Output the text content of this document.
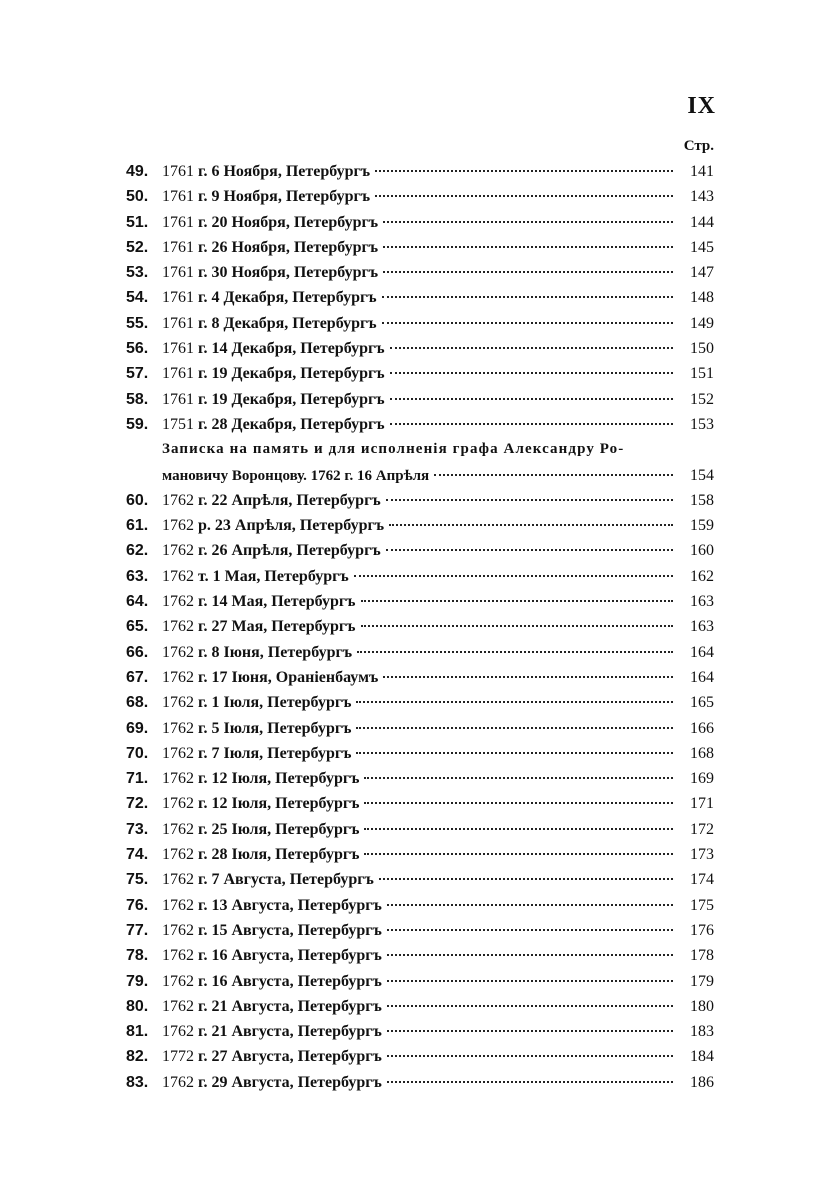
IX
Стр.
49. 1761 г. 6 Ноября, Петербургъ	141
50. 1761 г. 9 Ноября, Петербургъ	143
51. 1761 г. 20 Ноября, Петербургъ	144
52. 1761 г. 26 Ноября, Петербургъ	145
53. 1761 г. 30 Ноября, Петербургъ	147
54. 1761 г. 4 Декабря, Петербургъ	148
55. 1761 г. 8 Декабря, Петербургъ	149
56. 1761 г. 14 Декабря, Петербургъ	150
57. 1761 г. 19 Декабря, Петербургъ	151
58. 1761 г. 19 Декабря, Петербургъ	152
59. 1751 г. 28 Декабря, Петербургъ	153
Записка на память и для исполненія графа Александру Ро-
мановичу Воронцову. 1762 г. 16 Апрѣля	154
60. 1762 г. 22 Апрѣля, Петербургъ	158
61. 1762 р. 23 Апрѣля, Петербургъ	159
62. 1762 г. 26 Апрѣля, Петербургъ	160
63. 1762 т. 1 Мая, Петербургъ	162
64. 1762 г. 14 Мая, Петербургъ	163
65. 1762 г. 27 Мая, Петербургъ	163
66. 1762 г. 8 Іюня, Петербургъ	164
67. 1762 г. 17 Іюня, Ораніенбаумъ	164
68. 1762 г. 1 Іюля, Петербургъ	165
69. 1762 г. 5 Іюля, Петербургъ	166
70. 1762 г. 7 Іюля, Петербургъ	168
71. 1762 г. 12 Іюля, Петербургъ	169
72. 1762 г. 12 Іюля, Петербургъ	171
73. 1762 г. 25 Іюля, Петербургъ	172
74. 1762 г. 28 Іюля, Петербургъ	173
75. 1762 г. 7 Августа, Петербургъ	174
76. 1762 г. 13 Августа, Петербургъ	175
77. 1762 г. 15 Августа, Петербургъ	176
78. 1762 г. 16 Августа, Петербургъ	178
79. 1762 г. 16 Августа, Петербургъ	179
80. 1762 г. 21 Августа, Петербургъ	180
81. 1762 г. 21 Августа, Петербургъ	183
82. 1772 г. 27 Августа, Петербургъ	184
83. 1762 г. 29 Августа, Петербургъ	186
